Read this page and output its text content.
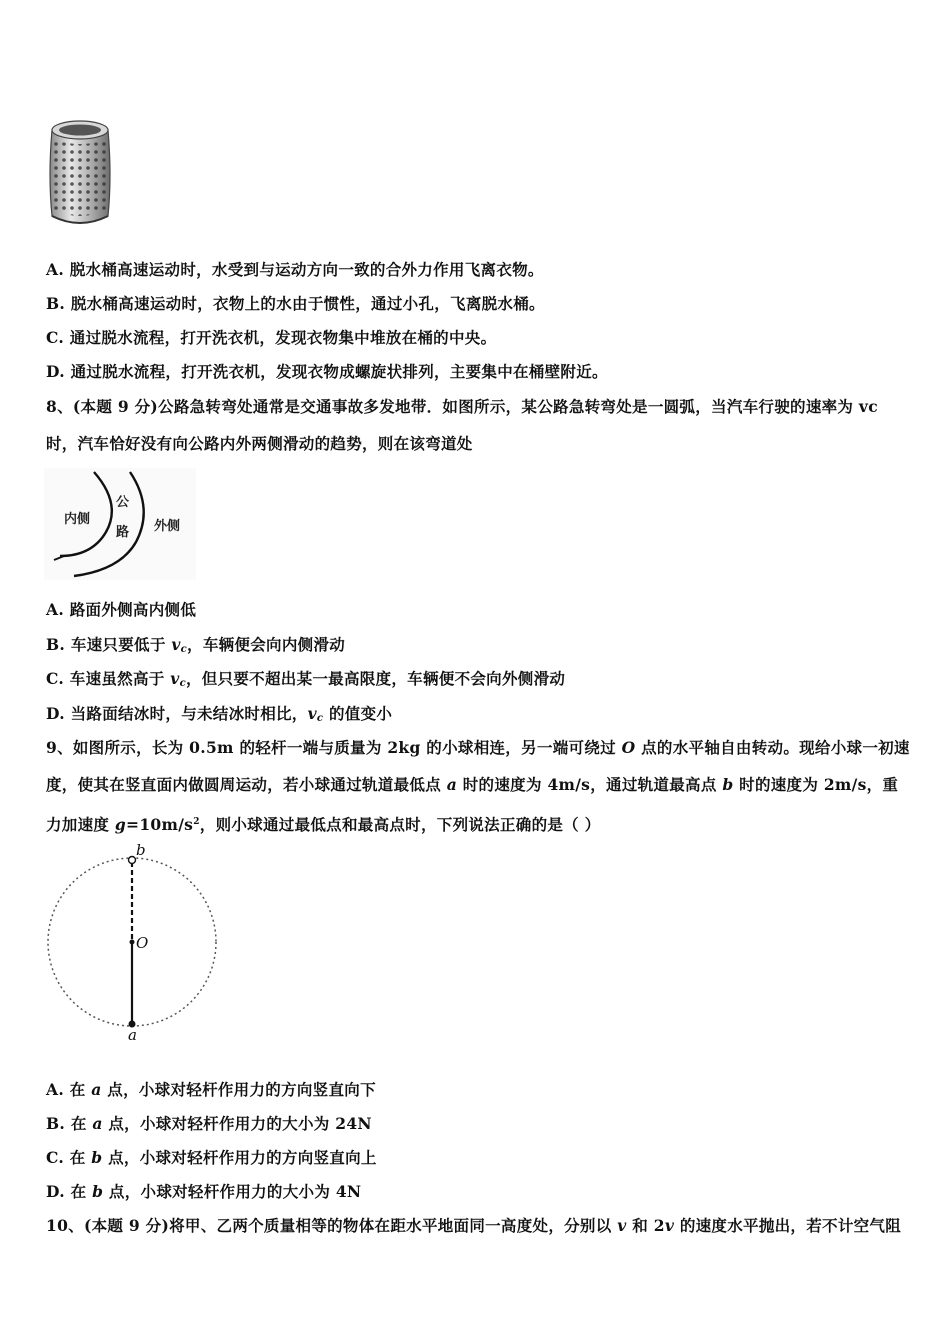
A. 脱水桶高速运动时，水受到与运动方向一致的合外力作用飞离衣物。
B. 脱水桶高速运动时，衣物上的水由于惯性，通过小孔，飞离脱水桶。
C. 通过脱水流程，打开洗衣机，发现衣物集中堆放在桶的中央。
D. 通过脱水流程，打开洗衣机，发现衣物成螺旋状排列，主要集中在桶壁附近。
8、(本题 9 分)公路急转弯处通常是交通事故多发地带．如图所示，某公路急转弯处是一圆弧，当汽车行驶的速率为 vc
时，汽车恰好没有向公路内外两侧滑动的趋势，则在该弯道处
内侧
公
路 外侧
A. 路面外侧高内侧低
B. 车速只要低于 $v_c$，车辆便会向内侧滑动
C. 车速虽然高于 $v_c$，但只要不超出某一最高限度，车辆便不会向外侧滑动
D. 当路面结冰时，与未结冰时相比，$v_c$ 的值变小
9、如图所示，长为 0.5m 的轻杆一端与质量为 2kg 的小球相连，另一端可绕过 O 点的水平轴自由转动。现给小球一初速
度，使其在竖直面内做圆周运动，若小球通过轨道最低点 a 时的速度为 4m/s，通过轨道最高点 b 时的速度为 2m/s，重
力加速度 $g=10m/s^2$，则小球通过最低点和最高点时，下列说法正确的是（ ）
b
O
a
A. 在 a 点，小球对轻杆作用力的方向竖直向下
B. 在 a 点，小球对轻杆作用力的大小为 24N
C. 在 b 点，小球对轻杆作用力的方向竖直向上
D. 在 b 点，小球对轻杆作用力的大小为 4N
10、(本题 9 分)将甲、乙两个质量相等的物体在距水平地面同一高度处，分别以 v 和 2v 的速度水平抛出，若不计空气阻
